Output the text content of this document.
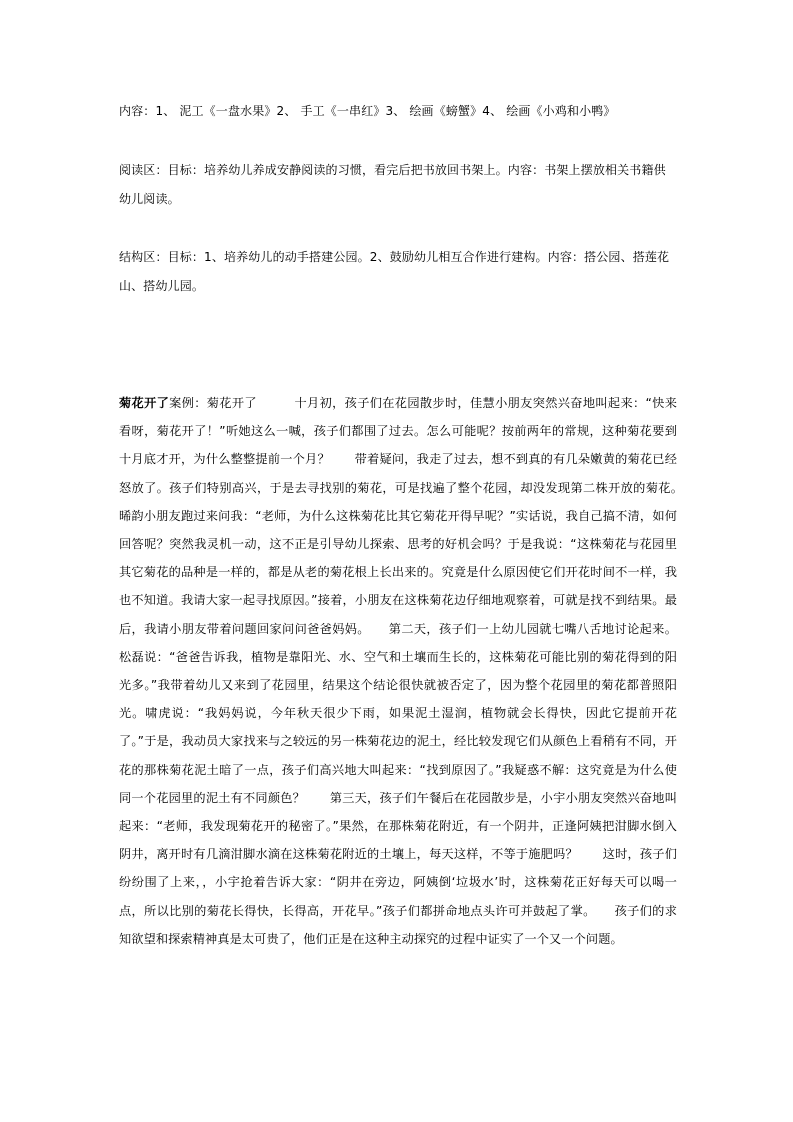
内容：1、 泥工《一盘水果》2、 手工《一串红》3、 绘画《螃蟹》4、 绘画《小鸡和小鸭》

阅读区：目标：培养幼儿养成安静阅读的习惯，看完后把书放回书架上。内容：书架上摆放相关书籍供幼儿阅读。

结构区：目标：1、培养幼儿的动手搭建公园。2、鼓励幼儿相互合作进行建构。内容：搭公园、搭莲花山、搭幼儿园。

菊花开了案例：菊花开了　　　十月初，孩子们在花园散步时，佳慧小朋友突然兴奋地叫起来：“快来看呀，菊花开了！”听她这么一喊，孩子们都围了过去。怎么可能呢？按前两年的常规，这种菊花要到十月底才开，为什么整整提前一个月？　　带着疑问，我走了过去，想不到真的有几朵嫩黄的菊花已经怒放了。孩子们特别高兴，于是去寻找别的菊花，可是找遍了整个花园，却没发现第二株开放的菊花。　　晞韵小朋友跑过来问我：“老师，为什么这株菊花比其它菊花开得早呢？”实话说，我自己搞不清，如何回答呢？突然我灵机一动，这不正是引导幼儿探索、思考的好机会吗？于是我说：“这株菊花与花园里其它菊花的品种是一样的，都是从老的菊花根上长出来的。究竟是什么原因使它们开花时间不一样，我也不知道。我请大家一起寻找原因。”接着，小朋友在这株菊花边仔细地观察着，可就是找不到结果。最后，我请小朋友带着问题回家问问爸爸妈妈。　　第二天，孩子们一上幼儿园就七嘴八舌地讨论起来。松磊说：“爸爸告诉我，植物是靠阳光、水、空气和土壤而生长的，这株菊花可能比别的菊花得到的阳光多。”我带着幼儿又来到了花园里，结果这个结论很快就被否定了，因为整个花园里的菊花都普照阳光。啸虎说：“我妈妈说，今年秋天很少下雨，如果泥土湿润，植物就会长得快，因此它提前开花了。”于是，我动员大家找来与之较远的另一株菊花边的泥土，经比较发现它们从颜色上看稍有不同，开花的那株菊花泥土暗了一点，孩子们高兴地大叫起来：“找到原因了。”我疑惑不解：这究竟是为什么使同一个花园里的泥土有不同颜色？　　第三天，孩子们午餐后在花园散步是，小宇小朋友突然兴奋地叫起来：“老师，我发现菊花开的秘密了。”果然，在那株菊花附近，有一个阴井，正逢阿姨把泔脚水倒入阴井，离开时有几滴泔脚水滴在这株菊花附近的土壤上，每天这样，不等于施肥吗？　　这时，孩子们纷纷围了上来，，小宇抢着告诉大家：“阴井在旁边，阿姨倒‘垃圾水’时，这株菊花正好每天可以喝一点，所以比别的菊花长得快，长得高，开花早。”孩子们都拼命地点头许可并鼓起了掌。　　孩子们的求知欲望和探索精神真是太可贵了，他们正是在这种主动探究的过程中证实了一个又一个问题。
